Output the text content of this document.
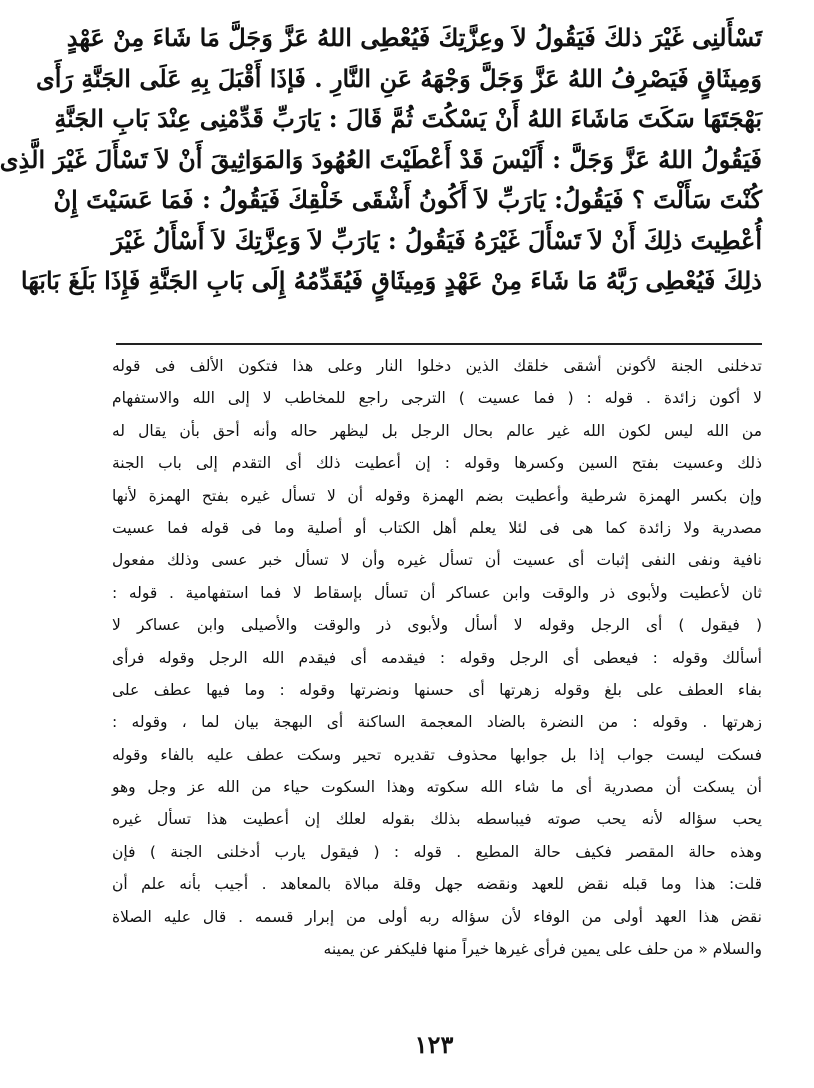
تَسْأَلنِى غَيْرَ ذلكَ فَيَقُولُ لاَ وعِزَّتِكَ فَيُعْطِى اللهُ عَزَّ وَجَلَّ مَا شَاءَ مِنْ عَهْدٍ
وَمِيثَاقٍ فَيَصْرِفُ اللهُ عَزَّ وَجَلَّ وَجْهَهُ عَنِ النَّارِ . فَإذَا أَقْبَلَ بِهِ عَلَى الجَنَّةِ رَأَى
بَهْجَتَهَا سَكَتَ مَاشَاءَ اللهُ أَنْ يَسْكُتَ ثُمَّ قَالَ : يَارَبِّ قَدِّمْنِى عِنْدَ بَابِ الجَنَّةِ
فَيَقُولُ اللهُ عَزَّ وَجَلَّ : أَلَيْسَ قَدْ أَعْطَيْتَ العُهُودَ وَالمَوَاثِيقَ أَنْ لاَ تَسْأَلَ غَيْرَ الَّذِى
كُنْتَ سَأَلْتَ ؟ فَيَقُولُ: يَارَبِّ لاَ أَكُونُ أَشْقَى خَلْقِكَ فَيَقُولُ : فَمَا عَسَيْتَ إِنْ
أُعْطِيتَ ذلِكَ أَنْ لاَ تَسْأَلَ غَيْرَهُ فَيَقُولُ : يَارَبِّ لاَ وَعِزَّتِكَ لاَ أَسْأَلُ غَيْرَ
ذلِكَ فَيُعْطِى رَبَّهُ مَا شَاءَ مِنْ عَهْدٍ وَمِيثَاقٍ فَيُقَدِّمُهُ إِلَى بَابِ الجَنَّةِ فَإِذَا بَلَغَ بَابَهَا
تدخلنى الجنة لأكونن أشقى خلقك الذين دخلوا النار وعلى هذا فتكون الألف فى قوله
لا أكون زائدة . قوله : ( فما عسيت ) الترجى راجع للمخاطب لا إلى الله والاستفهام
من الله ليس لكون الله غير عالم بحال الرجل بل ليظهر حاله وأنه أحق بأن يقال له
ذلك وعسيت بفتح السين وكسرها وقوله : إن أعطيت ذلك أى التقدم إلى باب الجنة
وإن بكسر الهمزة شرطية وأعطيت بضم الهمزة وقوله أن لا تسأل غيره بفتح الهمزة لأنها
مصدرية ولا زائدة كما هى فى لئلا يعلم أهل الكتاب أو أصلية وما فى قوله فما عسيت
نافية ونفى النفى إثبات أى عسيت أن تسأل غيره وأن لا تسأل خبر عسى وذلك مفعول
ثان لأعطيت ولأبوى ذر والوقت وابن عساكر أن تسأل بإسقاط لا فما استفهامية . قوله :
( فيقول ) أى الرجل وقوله لا أسأل ولأبوى ذر والوقت والأصيلى وابن عساكر لا
أسألك وقوله : فيعطى أى الرجل وقوله : فيقدمه أى فيقدم الله الرجل وقوله فرأى
بفاء العطف على بلغ وقوله زهرتها أى حسنها ونضرتها وقوله : وما فيها عطف على
زهرتها . وقوله : من النضرة بالضاد المعجمة الساكنة أى البهجة بيان لما ، وقوله :
فسكت ليست جواب إذا بل جوابها محذوف تقديره تحير وسكت عطف عليه بالفاء وقوله
أن يسكت أن مصدرية أى ما شاء الله سكوته وهذا السكوت حياء من الله عز وجل وهو
يحب سؤاله لأنه يحب صوته فيباسطه بذلك بقوله لعلك إن أعطيت هذا تسأل غيره
وهذه حالة المقصر فكيف حالة المطيع . قوله : ( فيقول يارب أدخلنى الجنة ) فإن
قلت: هذا وما قبله نقض للعهد ونقضه جهل وقلة مبالاة بالمعاهد . أجيب بأنه علم أن
نقض هذا العهد أولى من الوفاء لأن سؤاله ربه أولى من إبرار قسمه . قال عليه الصلاة
والسلام « من حلف على يمين فرأى غيرها خيراً منها فليكفر عن يمينه
١٢٣
